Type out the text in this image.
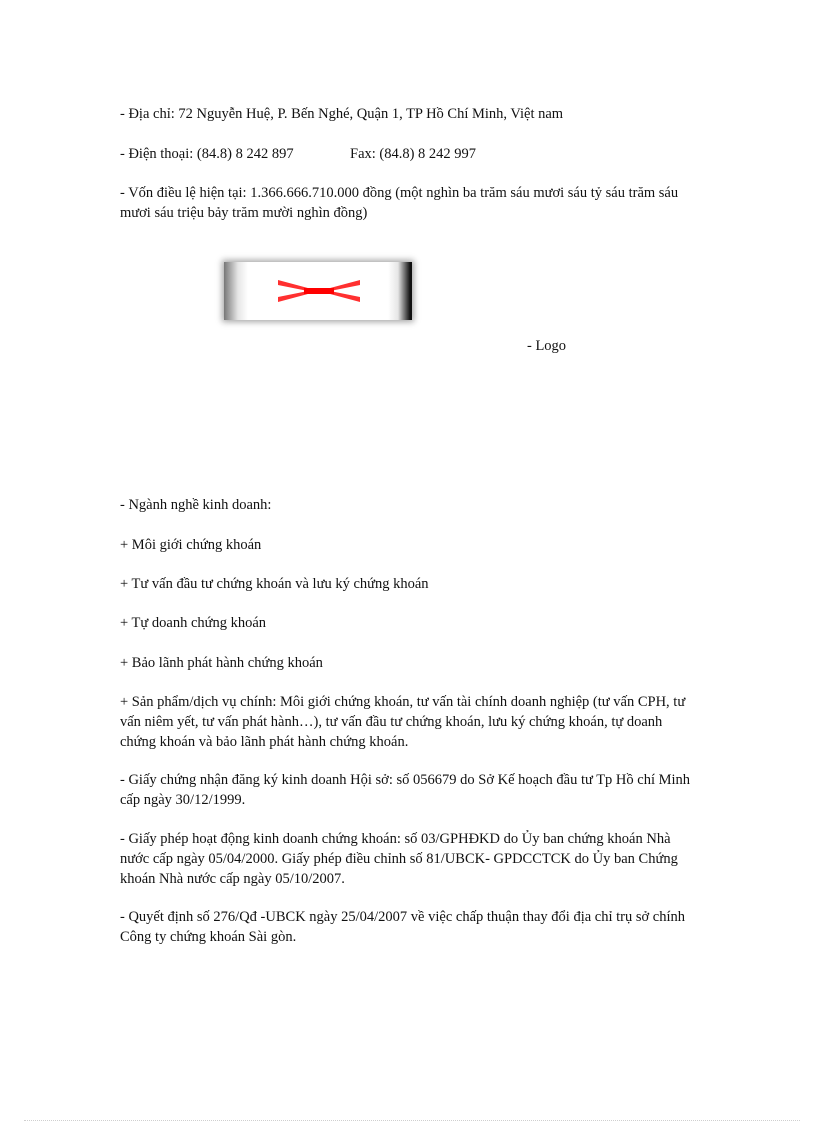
- Địa chỉ: 72 Nguyễn Huệ, P. Bến Nghé, Quận 1, TP Hồ Chí Minh, Việt nam
- Điện thoại: (84.8) 8 242 897	Fax: (84.8) 8 242 997
- Vốn điều lệ hiện tại: 1.366.666.710.000 đồng (một nghìn ba trăm sáu mươi sáu tỷ sáu trăm sáu mươi sáu triệu bảy trăm mười nghìn đồng)
- Logo
- Ngành nghề kinh doanh:
+ Môi giới chứng khoán
+ Tư vấn đầu tư chứng khoán và lưu ký chứng khoán
+ Tự doanh chứng khoán
+ Bảo lãnh phát hành chứng khoán
+ Sản phẩm/dịch vụ chính: Môi giới chứng khoán, tư vấn tài chính doanh nghiệp (tư vấn CPH, tư vấn niêm yết, tư vấn phát hành…), tư vấn đầu tư chứng khoán, lưu ký chứng khoán, tự doanh chứng khoán và bảo lãnh phát hành chứng khoán.
- Giấy chứng nhận đăng ký kinh doanh Hội sở: số 056679 do Sở Kế hoạch đầu tư Tp Hồ chí Minh cấp ngày 30/12/1999.
- Giấy phép hoạt động kinh doanh chứng khoán: số 03/GPHĐKD do Ủy ban chứng khoán Nhà nước cấp ngày 05/04/2000. Giấy phép điều chỉnh số 81/UBCK- GPDCCTCK do Ủy ban Chứng khoán Nhà nước cấp ngày 05/10/2007.
- Quyết định số 276/Qđ -UBCK ngày 25/04/2007 về việc chấp thuận thay đổi địa chỉ trụ sở chính Công ty chứng khoán Sài gòn.
